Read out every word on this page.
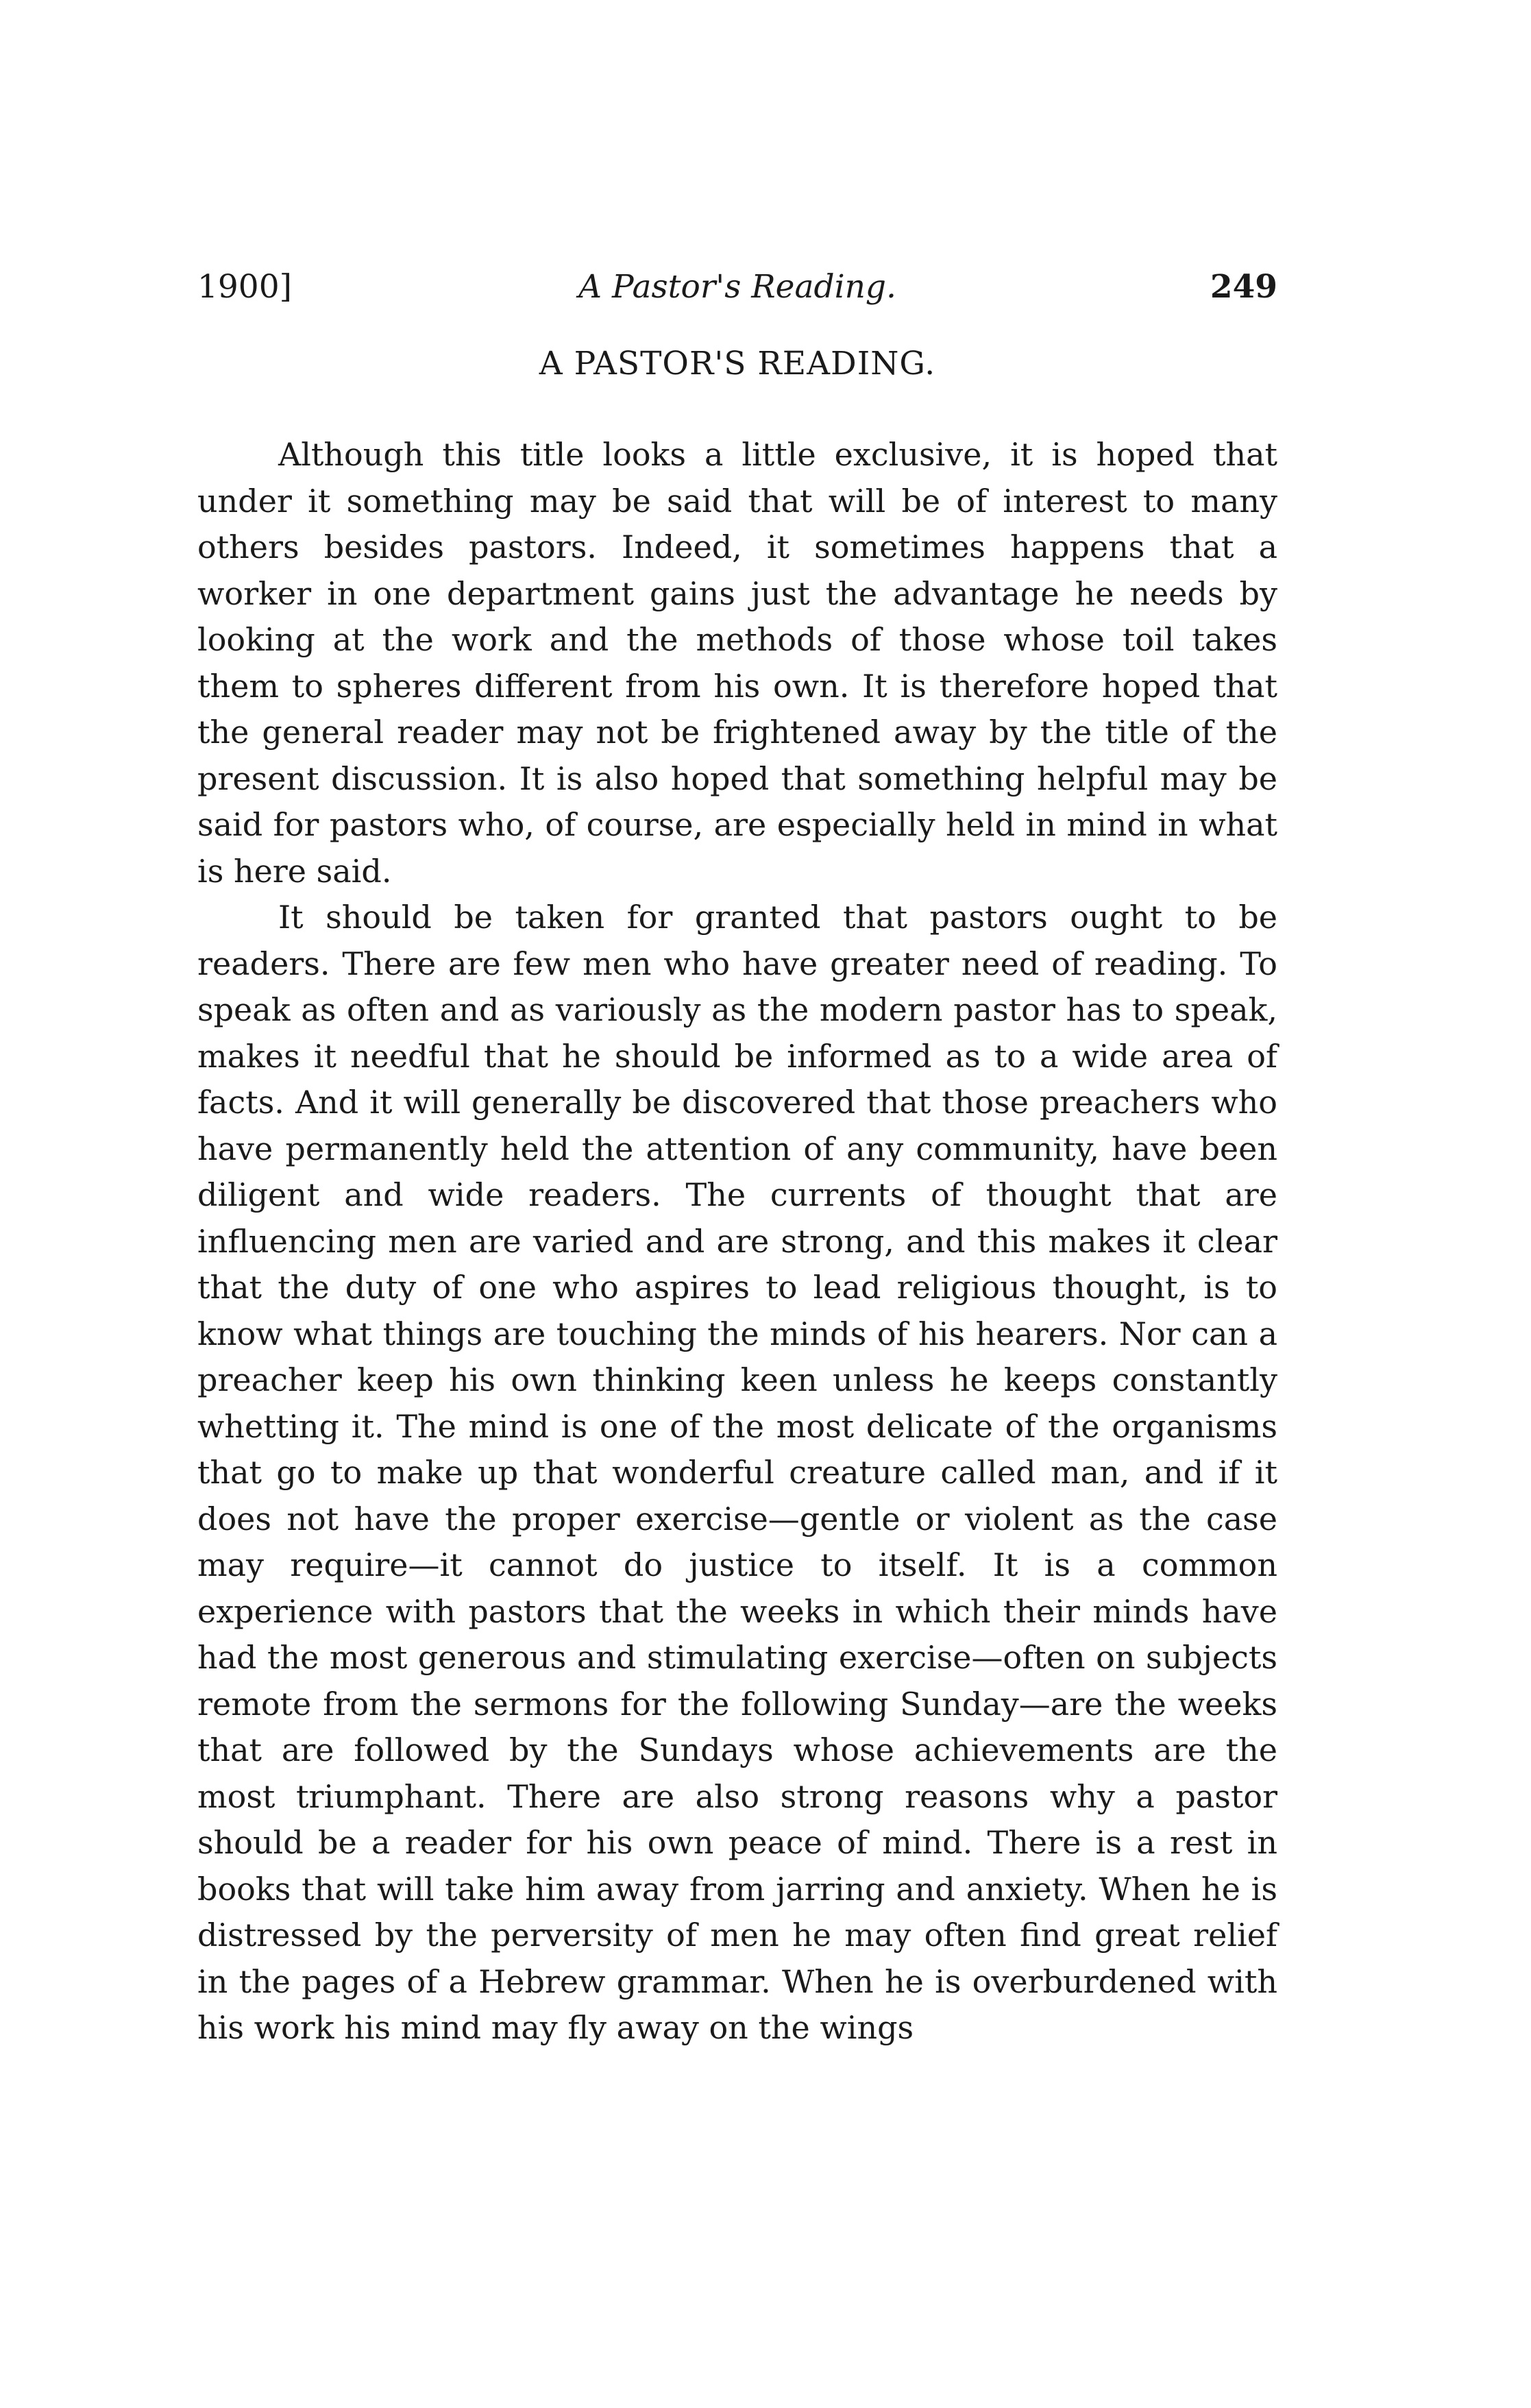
1900]	A Pastor's Reading.	249
A PASTOR'S READING.

Although this title looks a little exclusive, it is hoped that under it something may be said that will be of interest to many others besides pastors. Indeed, it sometimes happens that a worker in one department gains just the advantage he needs by looking at the work and the methods of those whose toil takes them to spheres different from his own. It is therefore hoped that the general reader may not be frightened away by the title of the present discussion. It is also hoped that something helpful may be said for pastors who, of course, are especially held in mind in what is here said.

It should be taken for granted that pastors ought to be readers. There are few men who have greater need of reading. To speak as often and as variously as the modern pastor has to speak, makes it needful that he should be informed as to a wide area of facts. And it will generally be discovered that those preachers who have permanently held the attention of any community, have been diligent and wide readers. The currents of thought that are influencing men are varied and are strong, and this makes it clear that the duty of one who aspires to lead religious thought, is to know what things are touching the minds of his hearers. Nor can a preacher keep his own thinking keen unless he keeps constantly whetting it. The mind is one of the most delicate of the organisms that go to make up that wonderful creature called man, and if it does not have the proper exercise—gentle or violent as the case may require—it cannot do justice to itself. It is a common experience with pastors that the weeks in which their minds have had the most generous and stimulating exercise—often on subjects remote from the sermons for the following Sunday—are the weeks that are followed by the Sundays whose achievements are the most triumphant. There are also strong reasons why a pastor should be a reader for his own peace of mind. There is a rest in books that will take him away from jarring and anxiety. When he is distressed by the perversity of men he may often find great relief in the pages of a Hebrew grammar. When he is overburdened with his work his mind may fly away on the wings
